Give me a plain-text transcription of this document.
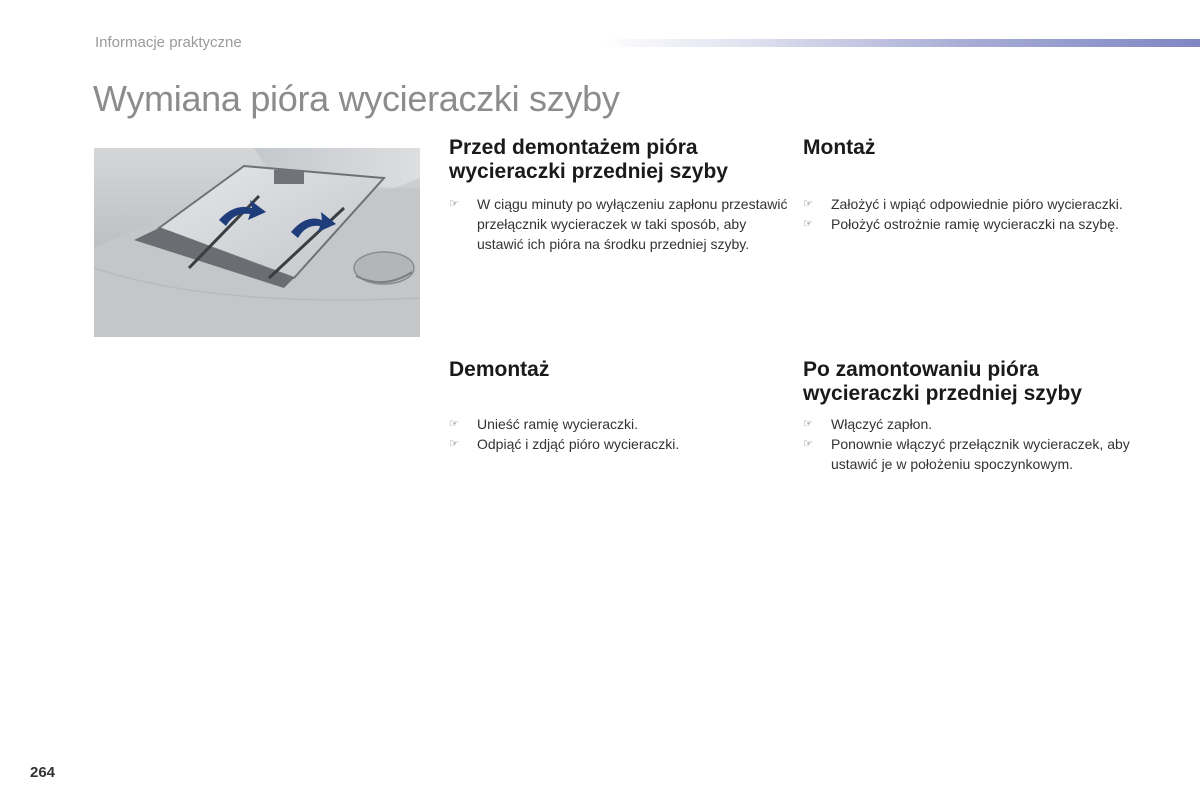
Informacje praktyczne
Wymiana pióra wycieraczki szyby
Przed demontażem pióra wycieraczki przedniej szyby
☞ W ciągu minuty po wyłączeniu zapłonu przestawić przełącznik wycieraczek w taki sposób, aby ustawić ich pióra na środku przedniej szyby.
Montaż
☞ Założyć i wpiąć odpowiednie pióro wycieraczki.
☞ Położyć ostrożnie ramię wycieraczki na szybę.
Demontaż
☞ Unieść ramię wycieraczki.
☞ Odpiąć i zdjąć pióro wycieraczki.
Po zamontowaniu pióra wycieraczki przedniej szyby
☞ Włączyć zapłon.
☞ Ponownie włączyć przełącznik wycieraczek, aby ustawić je w położeniu spoczynkowym.
264
